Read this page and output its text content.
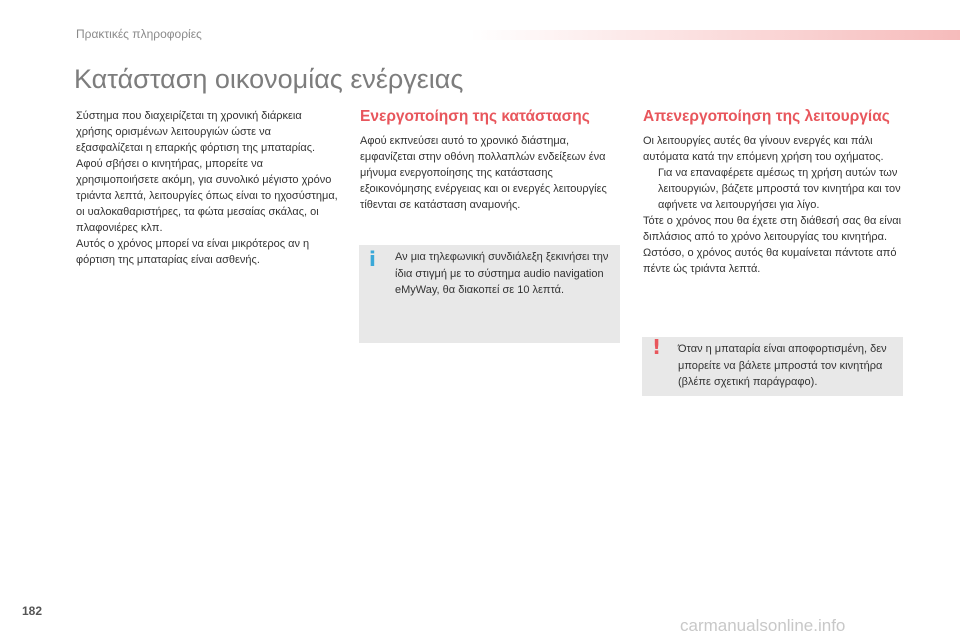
Πρακτικές πληροφορίες
Κατάσταση οικονομίας ενέργειας

Σύστημα που διαχειρίζεται τη χρονική διάρκεια χρήσης ορισμένων λειτουργιών ώστε να εξασφαλίζεται η επαρκής φόρτιση της μπαταρίας.

Αφού σβήσει ο κινητήρας, μπορείτε να χρησιμοποιήσετε ακόμη, για συνολικό μέγιστο χρόνο τριάντα λεπτά, λειτουργίες όπως είναι το ηχοσύστημα, οι υαλοκαθαριστήρες, τα φώτα μεσαίας σκάλας, οι πλαφονιέρες κλπ.

Αυτός ο χρόνος μπορεί να είναι μικρότερος αν η φόρτιση της μπαταρίας είναι ασθενής.

Ενεργοποίηση της κατάστασης

Αφού εκπνεύσει αυτό το χρονικό διάστημα, εμφανίζεται στην οθόνη πολλαπλών ενδείξεων ένα μήνυμα ενεργοποίησης της κατάστασης εξοικονόμησης ενέργειας και οι ενεργές λειτουργίες τίθενται σε κατάσταση αναμονής.

i Αν μια τηλεφωνική συνδιάλεξη ξεκινήσει την ίδια στιγμή με το σύστημα audio navigation eMyWay, θα διακοπεί σε 10 λεπτά.
Απενεργοποίηση της λειτουργίας

Οι λειτουργίες αυτές θα γίνουν ενεργές και πάλι αυτόματα κατά την επόμενη χρήση του οχήματος.

Για να επαναφέρετε αμέσως τη χρήση αυτών των λειτουργιών, βάζετε μπροστά τον κινητήρα και τον αφήνετε να λειτουργήσει για λίγο.

Τότε ο χρόνος που θα έχετε στη διάθεσή σας θα είναι διπλάσιος από το χρόνο λειτουργίας του κινητήρα. Ωστόσο, ο χρόνος αυτός θα κυμαίνεται πάντοτε από πέντε ώς τριάντα λεπτά.

! Όταν η μπαταρία είναι αποφορτισμένη, δεν μπορείτε να βάλετε μπροστά τον κινητήρα (βλέπε σχετική παράγραφο).
182
carmanualsonline.info
